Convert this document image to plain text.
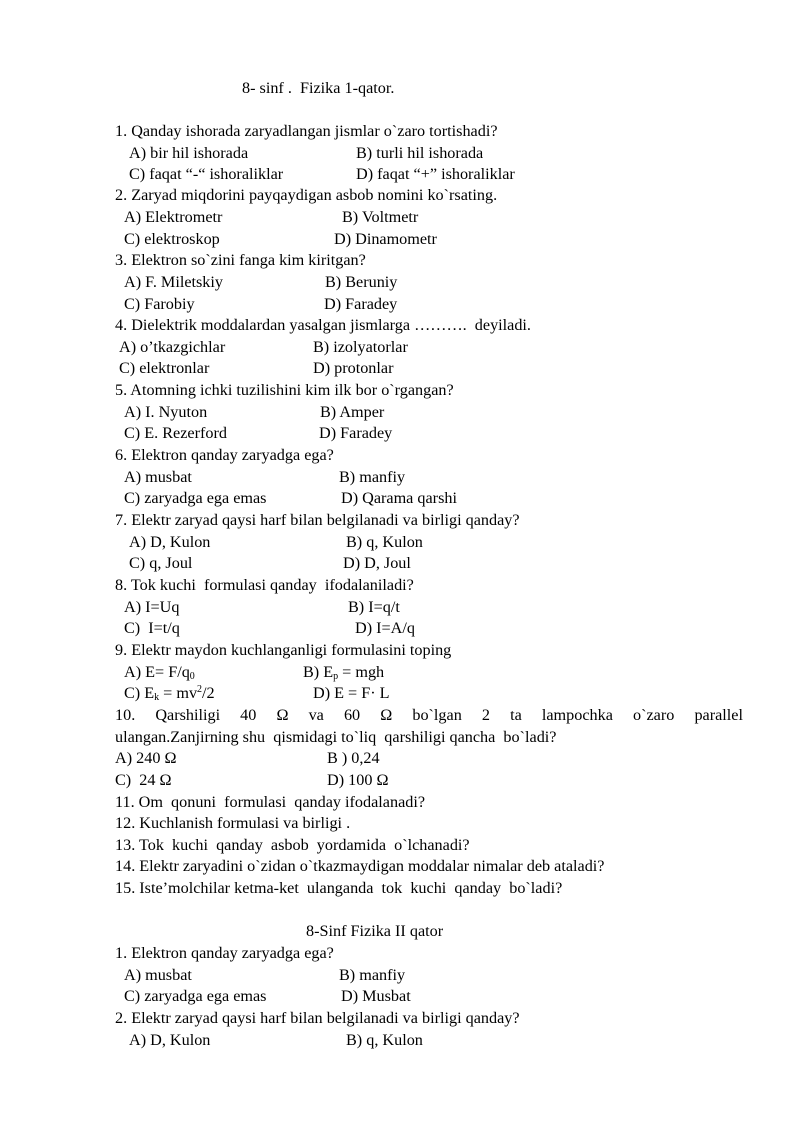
8- sinf .  Fizika 1-qator.

1. Qanday ishorada zaryadlangan jismlar o`zaro tortishadi?

A) bir hil ishorada

	B) turli hil ishorada

C) faqat “-“ ishoraliklar

	D) faqat “+” ishoraliklar

2. Zaryad miqdorini payqaydigan asbob nomini ko`rsating.

A) Elektrometr

	B) Voltmetr

C) elektroskop

	D) Dinamometr

3. Elektron so`zini fanga kim kiritgan?

A) F. Miletskiy

	B) Beruniy

C) Farobiy

	D) Faradey

4. Dielektrik moddalardan yasalgan jismlarga ……….  deyiladi.

A) o’tkazgichlar

	B) izolyatorlar

C) elektronlar

	D) protonlar

5. Atomning ichki tuzilishini kim ilk bor o`rgangan?

A) I. Nyuton

	B) Amper

C) E. Rezerford

	D) Faradey

6. Elektron qanday zaryadga ega?

A) musbat

	B) manfiy

C) zaryadga ega emas

	D) Qarama qarshi

7. Elektr zaryad qaysi harf bilan belgilanadi va birligi qanday?

A) D, Kulon

	B) q, Kulon

C) q, Joul

	D) D, Joul

8. Tok kuchi  formulasi qanday  ifodalaniladi?

A) I=Uq

	B) I=q/t

C)  I=t/q

	D) I=A/q

9. Elektr maydon kuchlanganligi formulasini toping

A) $E= F/q_0$

	B) $E_p$ = mgh

C) $E_k = mv^2/2$

	D) E = F· L

10. Qarshiligi 40 Ω va 60 Ω bo`lgan 2 ta lampochka o`zaro parallel

ulangan.Zanjirning shu  qismidagi to`liq  qarshiligi qancha  bo`ladi?

A) 240 Ω

	B ) 0,24

C)  24 Ω

	D) 100 Ω

11. Om  qonuni  formulasi  qanday ifodalanadi?

12. Kuchlanish formulasi va birligi .

13. Tok  kuchi  qanday  asbob  yordamida  o`lchanadi?

14. Elektr zaryadini o`zidan o`tkazmaydigan moddalar nimalar deb ataladi?

15. Iste’molchilar ketma-ket  ulanganda  tok  kuchi  qanday  bo`ladi?

8-Sinf Fizika II qator

1. Elektron qanday zaryadga ega?

A) musbat

	B) manfiy

C) zaryadga ega emas

	D) Musbat

2. Elektr zaryad qaysi harf bilan belgilanadi va birligi qanday?

A) D, Kulon

	B) q, Kulon
